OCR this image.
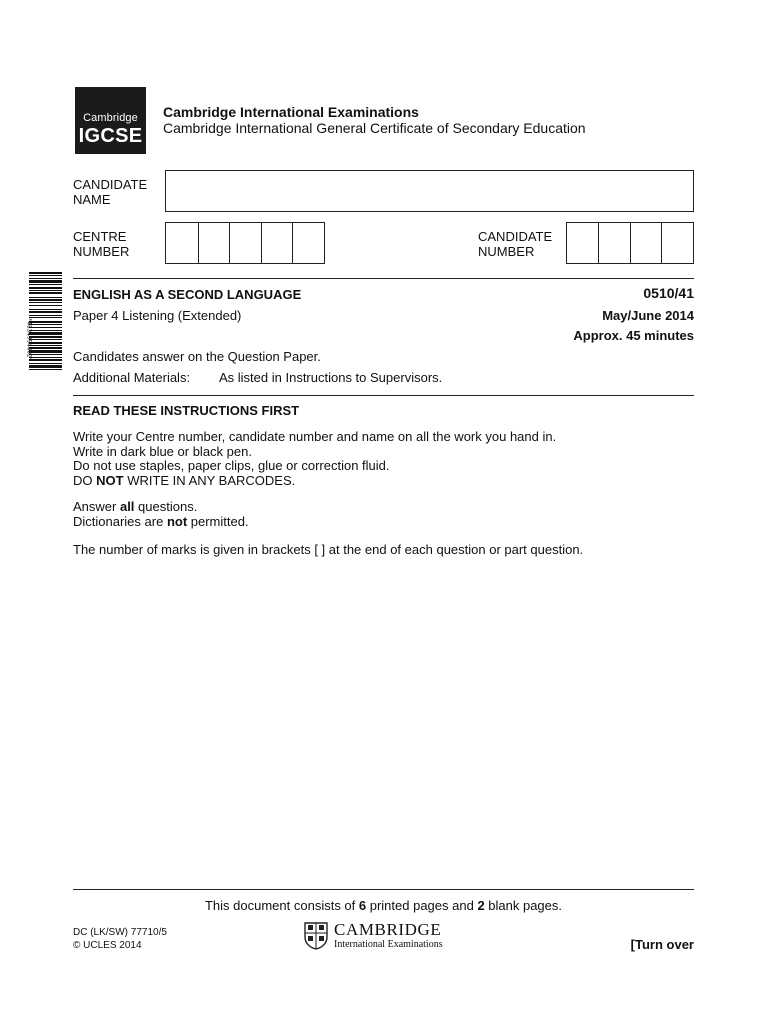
Cambridge
IGCSE
Cambridge International Examinations
Cambridge International General Certificate of Secondary Education
CANDIDATE
NAME
CENTRE
NUMBER
CANDIDATE
NUMBER
*4834994402*
ENGLISH AS A SECOND LANGUAGE	0510/41
Paper 4 Listening (Extended)	May/June 2014
Approx. 45 minutes
Candidates answer on the Question Paper.
Additional Materials: As listed in Instructions to Supervisors.
READ THESE INSTRUCTIONS FIRST

Write your Centre number, candidate number and name on all the work you hand in.

Write in dark blue or black pen.

Do not use staples, paper clips, glue or correction fluid.

DO NOT WRITE IN ANY BARCODES.

Answer all questions.

Dictionaries are not permitted.

The number of marks is given in brackets [ ] at the end of each question or part question.
This document consists of 6 printed pages and 2 blank pages.
DC (LK/SW) 77710/5
© UCLES 2014
CAMBRIDGE
International Examinations	[Turn over
